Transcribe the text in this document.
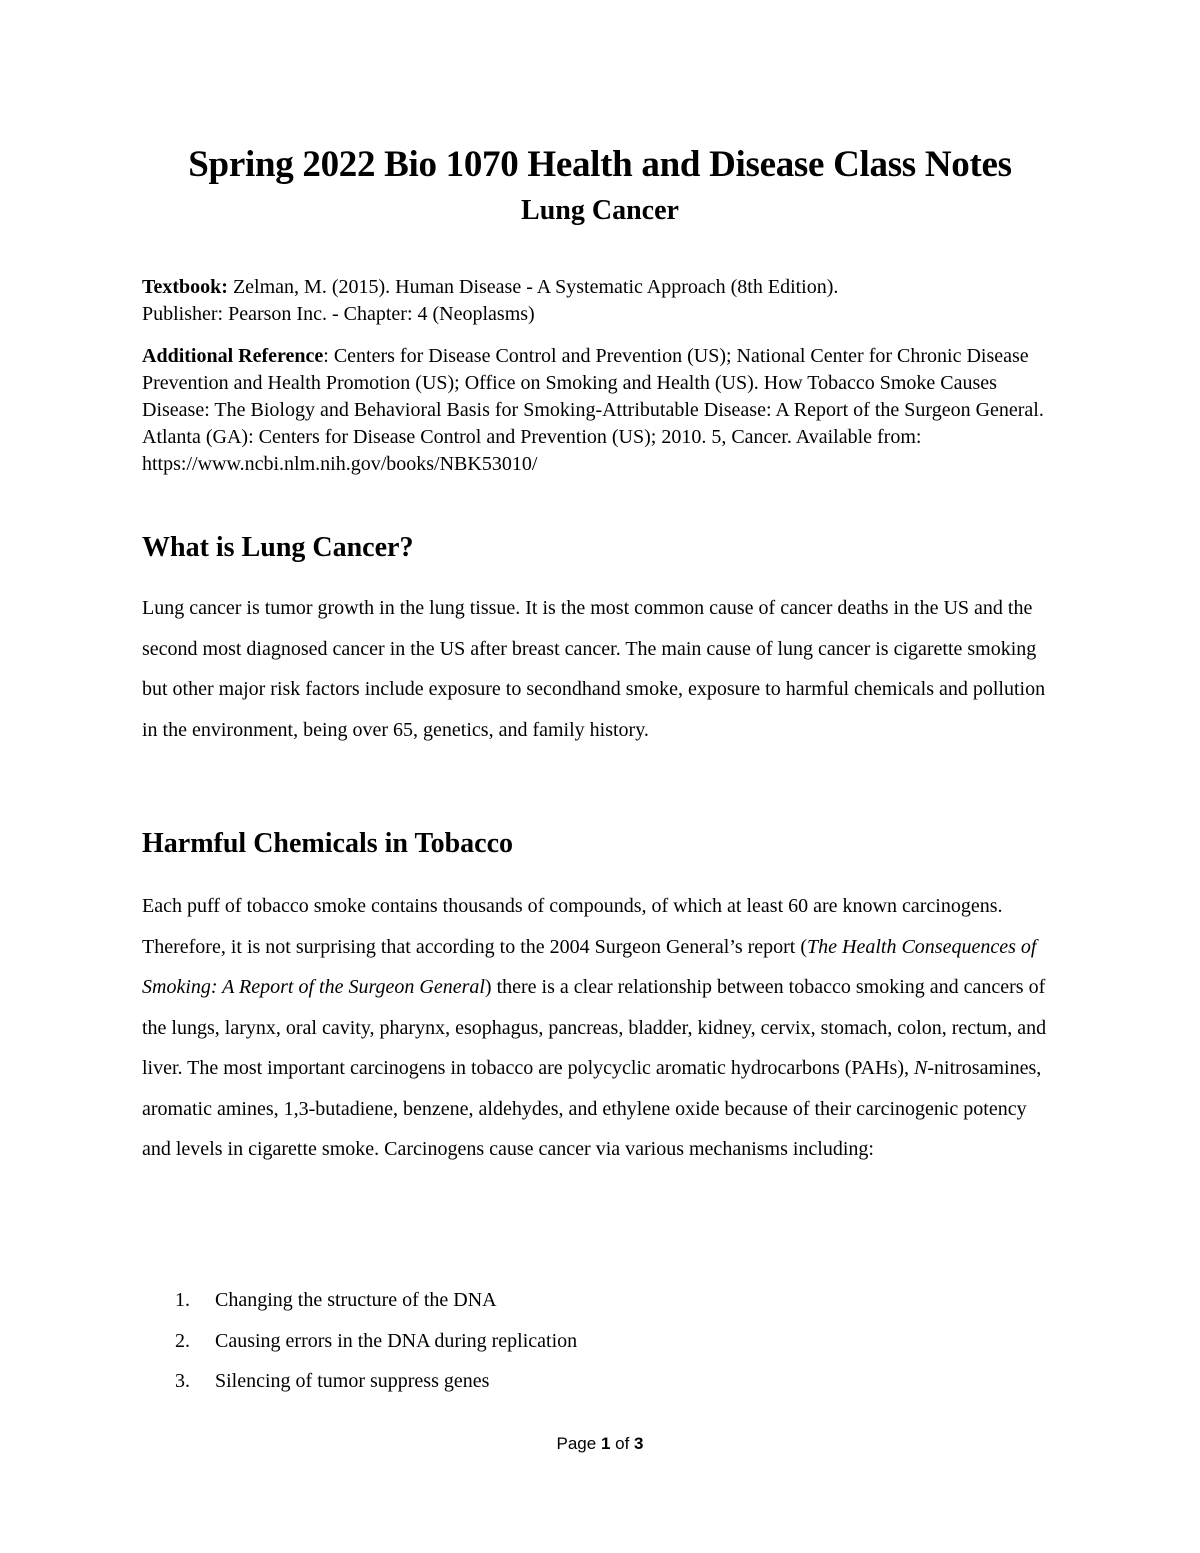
Spring 2022 Bio 1070 Health and Disease Class Notes
Lung Cancer

Textbook: Zelman, M. (2015). Human Disease - A Systematic Approach (8th Edition).
Publisher: Pearson Inc. - Chapter: 4 (Neoplasms)

Additional Reference: Centers for Disease Control and Prevention (US); National Center for Chronic Disease Prevention and Health Promotion (US); Office on Smoking and Health (US). How Tobacco Smoke Causes Disease: The Biology and Behavioral Basis for Smoking-Attributable Disease: A Report of the Surgeon General. Atlanta (GA): Centers for Disease Control and Prevention (US); 2010. 5, Cancer. Available from:
https://www.ncbi.nlm.nih.gov/books/NBK53010/

What is Lung Cancer?

Lung cancer is tumor growth in the lung tissue. It is the most common cause of cancer deaths in the US and the second most diagnosed cancer in the US after breast cancer. The main cause of lung cancer is cigarette smoking but other major risk factors include exposure to secondhand smoke, exposure to harmful chemicals and pollution in the environment, being over 65, genetics, and family history.

Harmful Chemicals in Tobacco

Each puff of tobacco smoke contains thousands of compounds, of which at least 60 are known carcinogens. Therefore, it is not surprising that according to the 2004 Surgeon General’s report (The Health Consequences of Smoking: A Report of the Surgeon General) there is a clear relationship between tobacco smoking and cancers of the lungs, larynx, oral cavity, pharynx, esophagus, pancreas, bladder, kidney, cervix, stomach, colon, rectum, and liver. The most important carcinogens in tobacco are polycyclic aromatic hydrocarbons (PAHs), N-nitrosamines, aromatic amines, 1,3-butadiene, benzene, aldehydes, and ethylene oxide because of their carcinogenic potency and levels in cigarette smoke. Carcinogens cause cancer via various mechanisms including:

1.	Changing the structure of the DNA
2.	Causing errors in the DNA during replication
3.	Silencing of tumor suppress genes

Page 1 of 3
